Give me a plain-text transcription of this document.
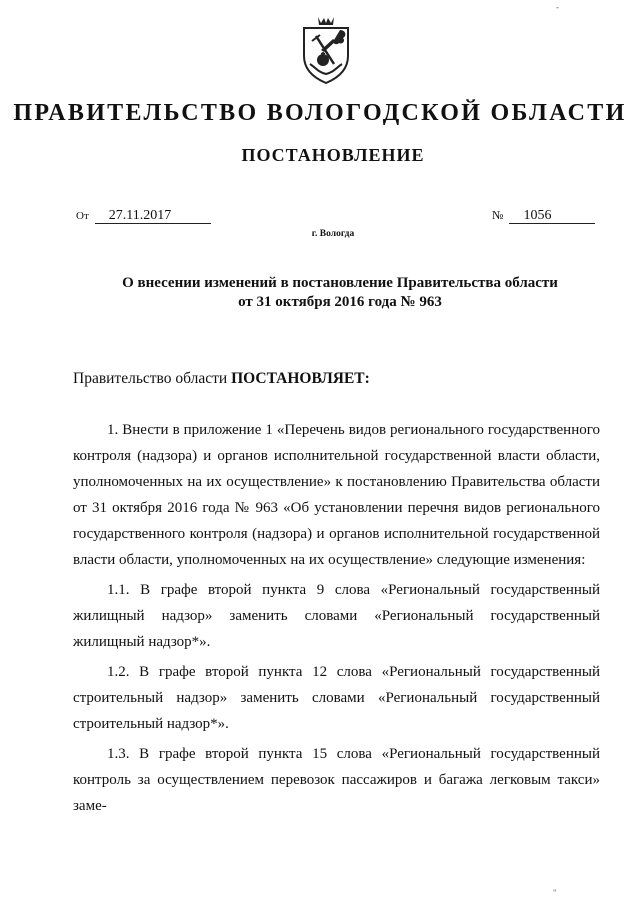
-
ПРАВИТЕЛЬСТВО ВОЛОГОДСКОЙ ОБЛАСТИ
ПОСТАНОВЛЕНИЕ
От 27.11.2017	№ 1056
г. Вологда
О внесении изменений в постановление Правительства области
от 31 октября 2016 года № 963
Правительство области ПОСТАНОВЛЯЕТ:

1. Внести в приложение 1 «Перечень видов регионального государственного контроля (надзора) и органов исполнительной государственной власти области, уполномоченных на их осуществление» к постановлению Правительства области от 31 октября 2016 года № 963 «Об установлении перечня видов регионального государственного контроля (надзора) и органов исполнительной государственной власти области, уполномоченных на их осуществление» следующие изменения:

1.1. В графе второй пункта 9 слова «Региональный государственный жилищный надзор» заменить словами «Региональный государственный жилищный надзор*».

1.2. В графе второй пункта 12 слова «Региональный государственный строительный надзор» заменить словами «Региональный государственный строительный надзор*».

1.3. В графе второй пункта 15 слова «Региональный государственный контроль за осуществлением перевозок пассажиров и багажа легковым такси» заме-

"
